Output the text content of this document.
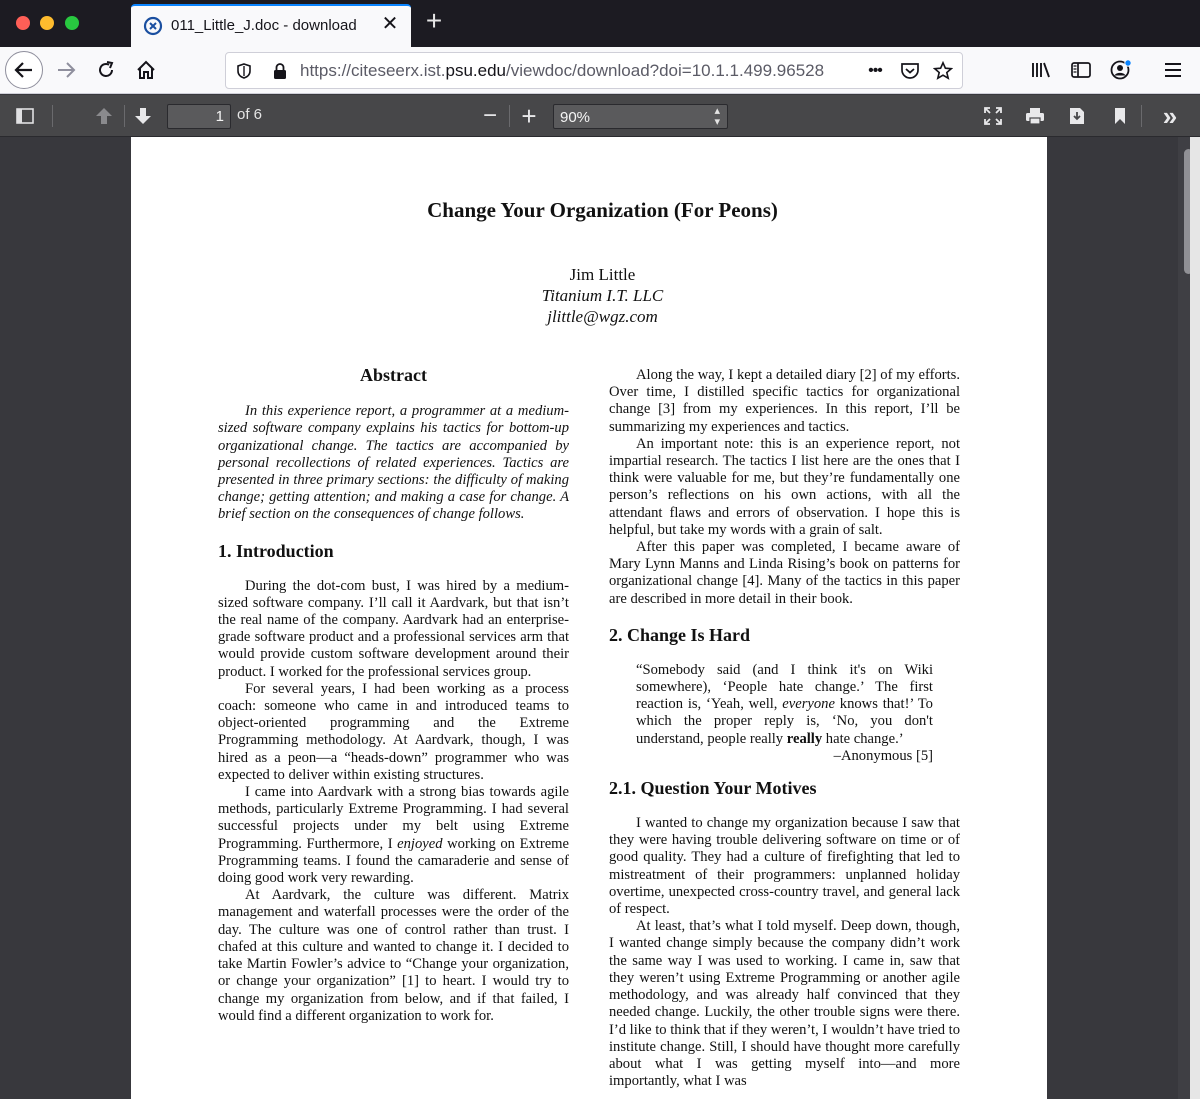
011_Little_J.doc - download ✕ +
https://citeseerx.ist.psu.edu/viewdoc/download?doi=10.1.1.499.96528	•••
1 of 6	− +	90%	▴
▾	»
Change Your Organization (For Peons)
Jim Little
Titanium I.T. LLC
jlittle@wgz.com
Abstract

In this experience report, a programmer at a medium-sized software company explains his tactics for bottom-up organizational change. The tactics are accompanied by personal recollections of related experiences. Tactics are presented in three primary sections: the difficulty of making change; getting attention; and making a case for change. A brief section on the consequences of change follows.

1. Introduction

During the dot-com bust, I was hired by a medium-sized software company. I’ll call it Aardvark, but that isn’t the real name of the company. Aardvark had an enterprise-grade software product and a professional services arm that would provide custom software development around their product. I worked for the professional services group.

For several years, I had been working as a process coach: someone who came in and introduced teams to object-oriented programming and the Extreme Programming methodology. At Aardvark, though, I was hired as a peon—a “heads-down” programmer who was expected to deliver within existing structures.

I came into Aardvark with a strong bias towards agile methods, particularly Extreme Programming. I had several successful projects under my belt using Extreme Programming. Furthermore, I enjoyed working on Extreme Programming teams. I found the camaraderie and sense of doing good work very rewarding.

At Aardvark, the culture was different. Matrix management and waterfall processes were the order of the day. The culture was one of control rather than trust. I chafed at this culture and wanted to change it. I decided to take Martin Fowler’s advice to “Change your organization, or change your organization” [1] to heart. I would try to change my organization from below, and if that failed, I would find a different organization to work for.

Along the way, I kept a detailed diary [2] of my efforts. Over time, I distilled specific tactics for organizational change [3] from my experiences. In this report, I’ll be summarizing my experiences and tactics.

An important note: this is an experience report, not impartial research. The tactics I list here are the ones that I think were valuable for me, but they’re fundamentally one person’s reflections on his own actions, with all the attendant flaws and errors of observation. I hope this is helpful, but take my words with a grain of salt.

After this paper was completed, I became aware of Mary Lynn Manns and Linda Rising’s book on patterns for organizational change [4]. Many of the tactics in this paper are described in more detail in their book.

2. Change Is Hard
“Somebody said (and I think it's on Wiki somewhere), ‘People hate change.’ The first reaction is, ‘Yeah, well, everyone knows that!’ To which the proper reply is, ‘No, you don't understand, people really really hate change.’
–Anonymous [5]
2.1. Question Your Motives

I wanted to change my organization because I saw that they were having trouble delivering software on time or of good quality. They had a culture of firefighting that led to mistreatment of their programmers: unplanned holiday overtime, unexpected cross-country travel, and general lack of respect.

At least, that’s what I told myself. Deep down, though, I wanted change simply because the company didn’t work the same way I was used to working. I came in, saw that they weren’t using Extreme Programming or another agile methodology, and was already half convinced that they needed change. Luckily, the other trouble signs were there. I’d like to think that if they weren’t, I wouldn’t have tried to institute change. Still, I should have thought more carefully about what I was getting myself into—and more importantly, what I was
